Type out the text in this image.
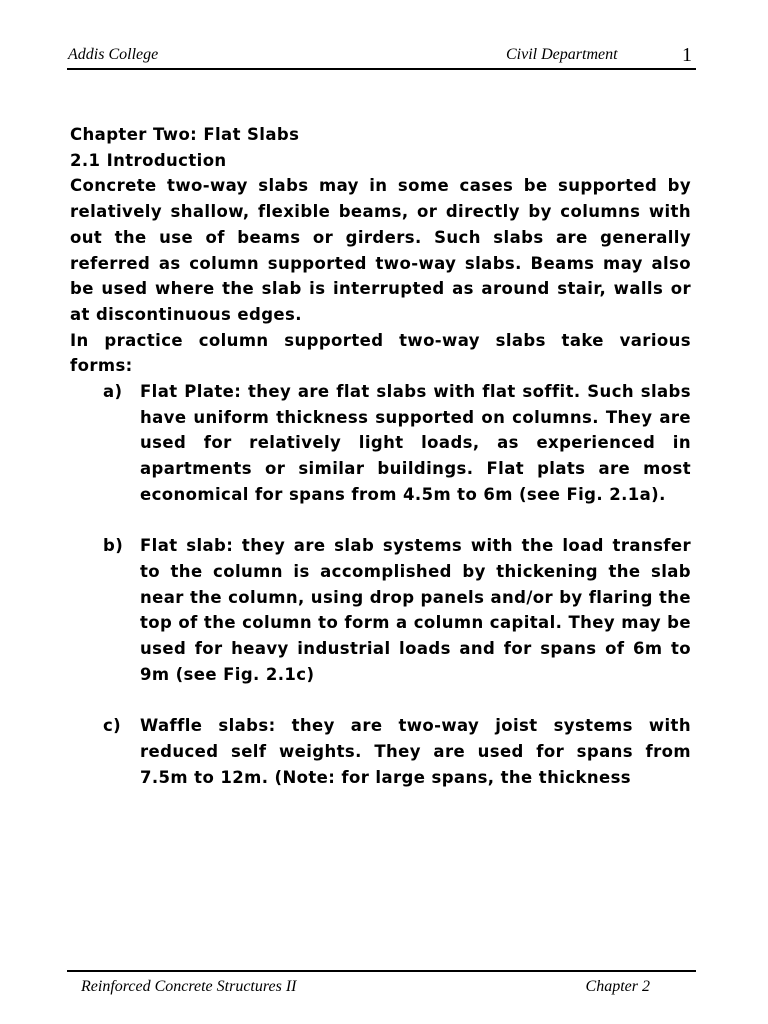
Addis College	Civil Department	1

Chapter Two: Flat Slabs

2.1 Introduction

Concrete two-way slabs may in some cases be supported by relatively shallow, flexible beams, or directly by columns with out the use of beams or girders. Such slabs are generally referred as column supported two-way slabs. Beams may also be used where the slab is interrupted as around stair, walls or at discontinuous edges.

In practice column supported two-way slabs take various forms:

a) Flat Plate: they are flat slabs with flat soffit. Such slabs have uniform thickness supported on columns. They are used for relatively light loads, as experienced in apartments or similar buildings. Flat plats are most economical for spans from 4.5m to 6m (see Fig. 2.1a).
b) Flat slab: they are slab systems with the load transfer to the column is accomplished by thickening the slab near the column, using drop panels and/or by flaring the top of the column to form a column capital. They may be used for heavy industrial loads and for spans of 6m to 9m (see Fig. 2.1c)
c) Waffle slabs: they are two-way joist systems with reduced self weights. They are used for spans from 7.5m to 12m. (Note: for large spans, the thickness
Reinforced Concrete Structures II	Chapter 2
